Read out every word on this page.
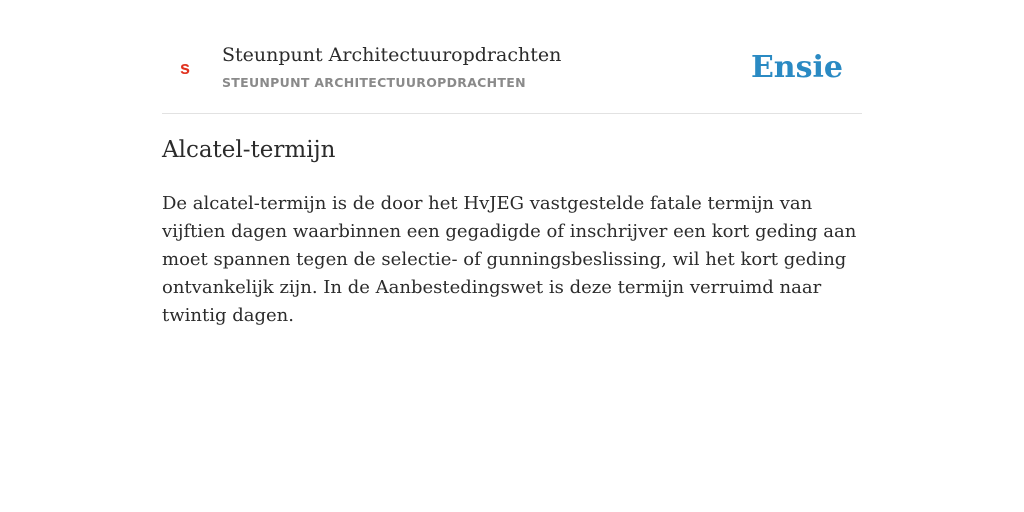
s
Steunpunt Architectuuropdrachten
STEUNPUNT ARCHITECTUUROPDRACHTEN	Ensie
Alcatel-termijn

De alcatel-termijn is de door het HvJEG vastgestelde fatale termijn van vijftien dagen waarbinnen een gegadigde of inschrijver een kort geding aan moet spannen tegen de selectie- of gunningsbeslissing, wil het kort geding ontvankelijk zijn. In de Aanbestedingswet is deze termijn verruimd naar twintig dagen.
